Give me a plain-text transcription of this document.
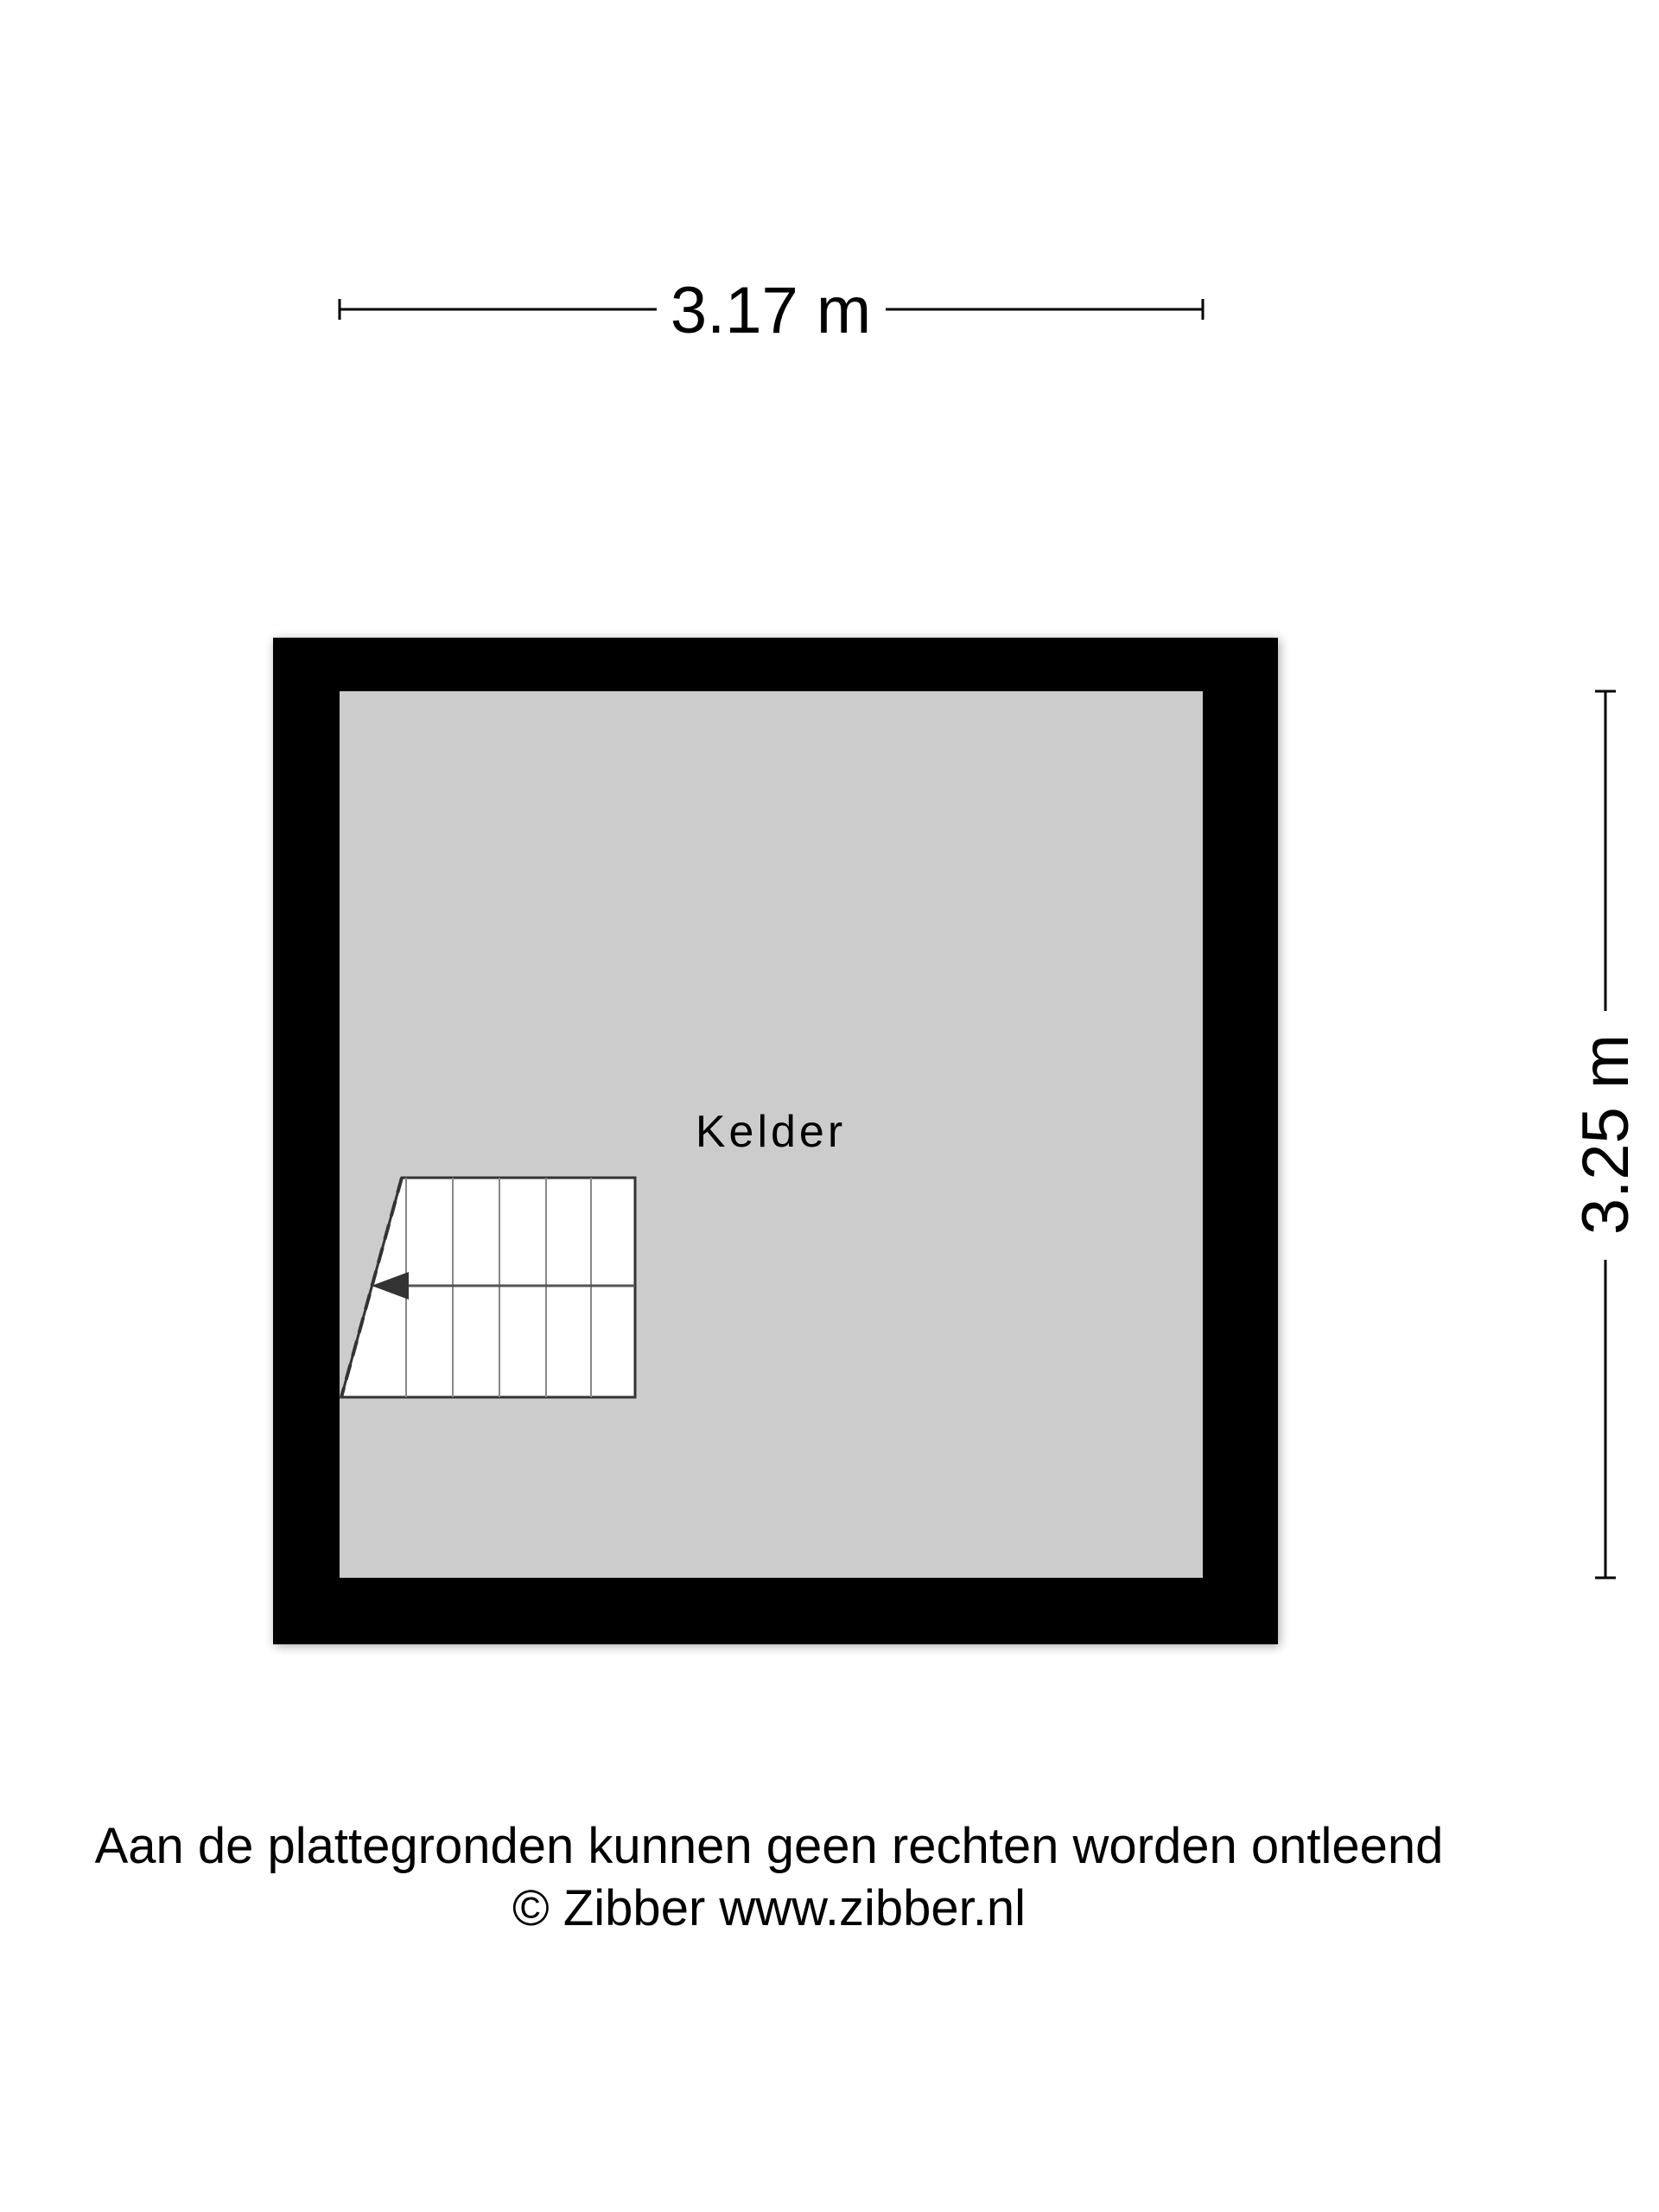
3.17 m
3.25 m
Kelder
Aan de plattegronden kunnen geen rechten worden ontleend
© Zibber www.zibber.nl
